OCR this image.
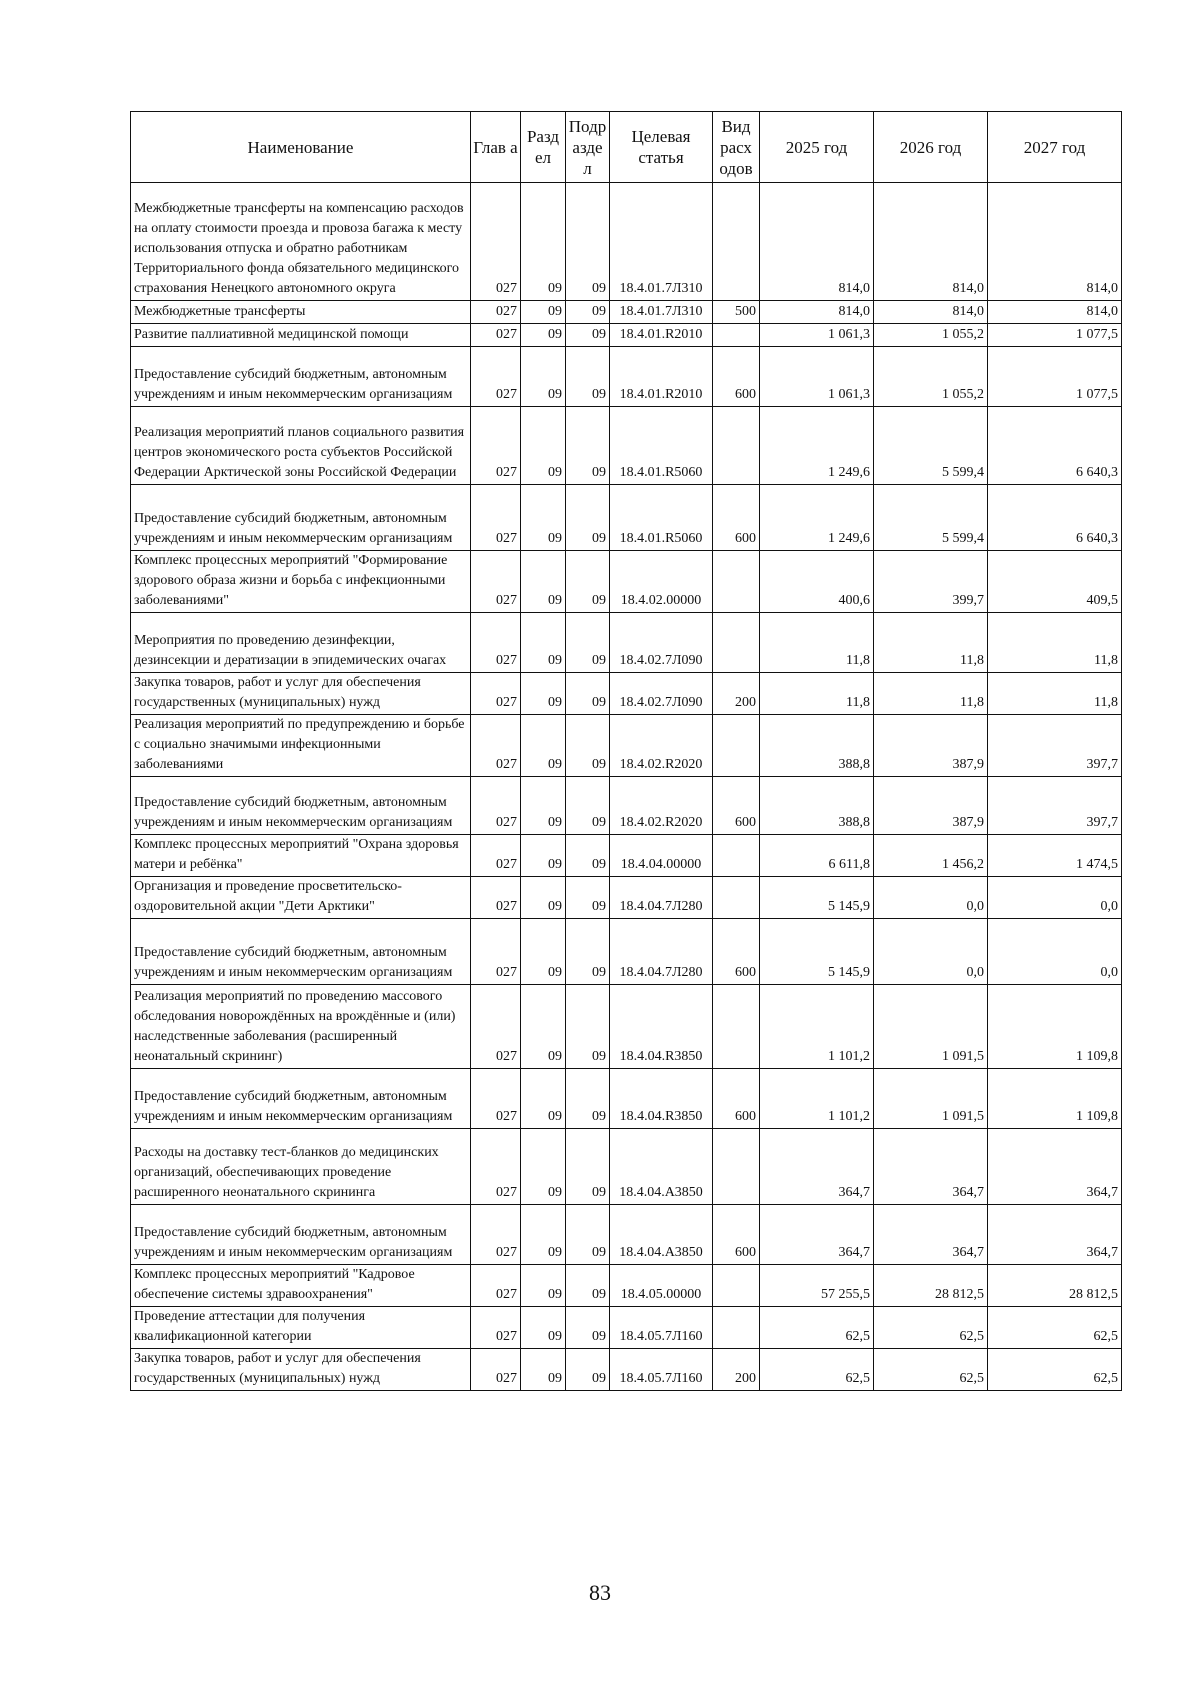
Наименование	Глав а	Разд ел	Подр азде л	Целевая статья	Вид расх одов	2025 год	2026 год	2027 год
Межбюджетные трансферты на компенсацию расходов на оплату стоимости проезда и провоза багажа к месту использования отпуска и обратно работникам Территориального фонда обязательного медицинского страхования Ненецкого автономного округа	027	09	09	18.4.01.7Л310		814,0	814,0	814,0
Межбюджетные трансферты	027	09	09	18.4.01.7Л310	500	814,0	814,0	814,0
Развитие паллиативной медицинской помощи	027	09	09	18.4.01.R2010		1 061,3	1 055,2	1 077,5
Предоставление субсидий бюджетным, автономным учреждениям и иным некоммерческим организациям	027	09	09	18.4.01.R2010	600	1 061,3	1 055,2	1 077,5
Реализация мероприятий планов социального развития центров экономического роста субъектов Российской Федерации Арктической зоны Российской Федерации	027	09	09	18.4.01.R5060		1 249,6	5 599,4	6 640,3
Предоставление субсидий бюджетным, автономным учреждениям и иным некоммерческим организациям	027	09	09	18.4.01.R5060	600	1 249,6	5 599,4	6 640,3
Комплекс процессных мероприятий "Формирование здорового образа жизни и борьба с инфекционными заболеваниями"	027	09	09	18.4.02.00000		400,6	399,7	409,5
Мероприятия по проведению дезинфекции, дезинсекции и дератизации в эпидемических очагах	027	09	09	18.4.02.7Л090		11,8	11,8	11,8
Закупка товаров, работ и услуг для обеспечения государственных (муниципальных) нужд	027	09	09	18.4.02.7Л090	200	11,8	11,8	11,8
Реализация мероприятий по предупреждению и борьбе с социально значимыми инфекционными заболеваниями	027	09	09	18.4.02.R2020		388,8	387,9	397,7
Предоставление субсидий бюджетным, автономным учреждениям и иным некоммерческим организациям	027	09	09	18.4.02.R2020	600	388,8	387,9	397,7
Комплекс процессных мероприятий "Охрана здоровья матери и ребёнка"	027	09	09	18.4.04.00000		6 611,8	1 456,2	1 474,5
Организация и проведение просветительско-оздоровительной акции "Дети Арктики"	027	09	09	18.4.04.7Л280		5 145,9	0,0	0,0
Предоставление субсидий бюджетным, автономным учреждениям и иным некоммерческим организациям	027	09	09	18.4.04.7Л280	600	5 145,9	0,0	0,0
Реализация мероприятий по проведению массового обследования новорождённых на врождённые и (или) наследственные заболевания (расширенный неонатальный скрининг)	027	09	09	18.4.04.R3850		1 101,2	1 091,5	1 109,8
Предоставление субсидий бюджетным, автономным учреждениям и иным некоммерческим организациям	027	09	09	18.4.04.R3850	600	1 101,2	1 091,5	1 109,8
Расходы на доставку тест-бланков до медицинских организаций, обеспечивающих проведение расширенного неонатального скрининга	027	09	09	18.4.04.А3850		364,7	364,7	364,7
Предоставление субсидий бюджетным, автономным учреждениям и иным некоммерческим организациям	027	09	09	18.4.04.А3850	600	364,7	364,7	364,7
Комплекс процессных мероприятий "Кадровое обеспечение системы здравоохранения"	027	09	09	18.4.05.00000		57 255,5	28 812,5	28 812,5
Проведение аттестации для получения квалификационной категории	027	09	09	18.4.05.7Л160		62,5	62,5	62,5
Закупка товаров, работ и услуг для обеспечения государственных (муниципальных) нужд	027	09	09	18.4.05.7Л160	200	62,5	62,5	62,5
83
